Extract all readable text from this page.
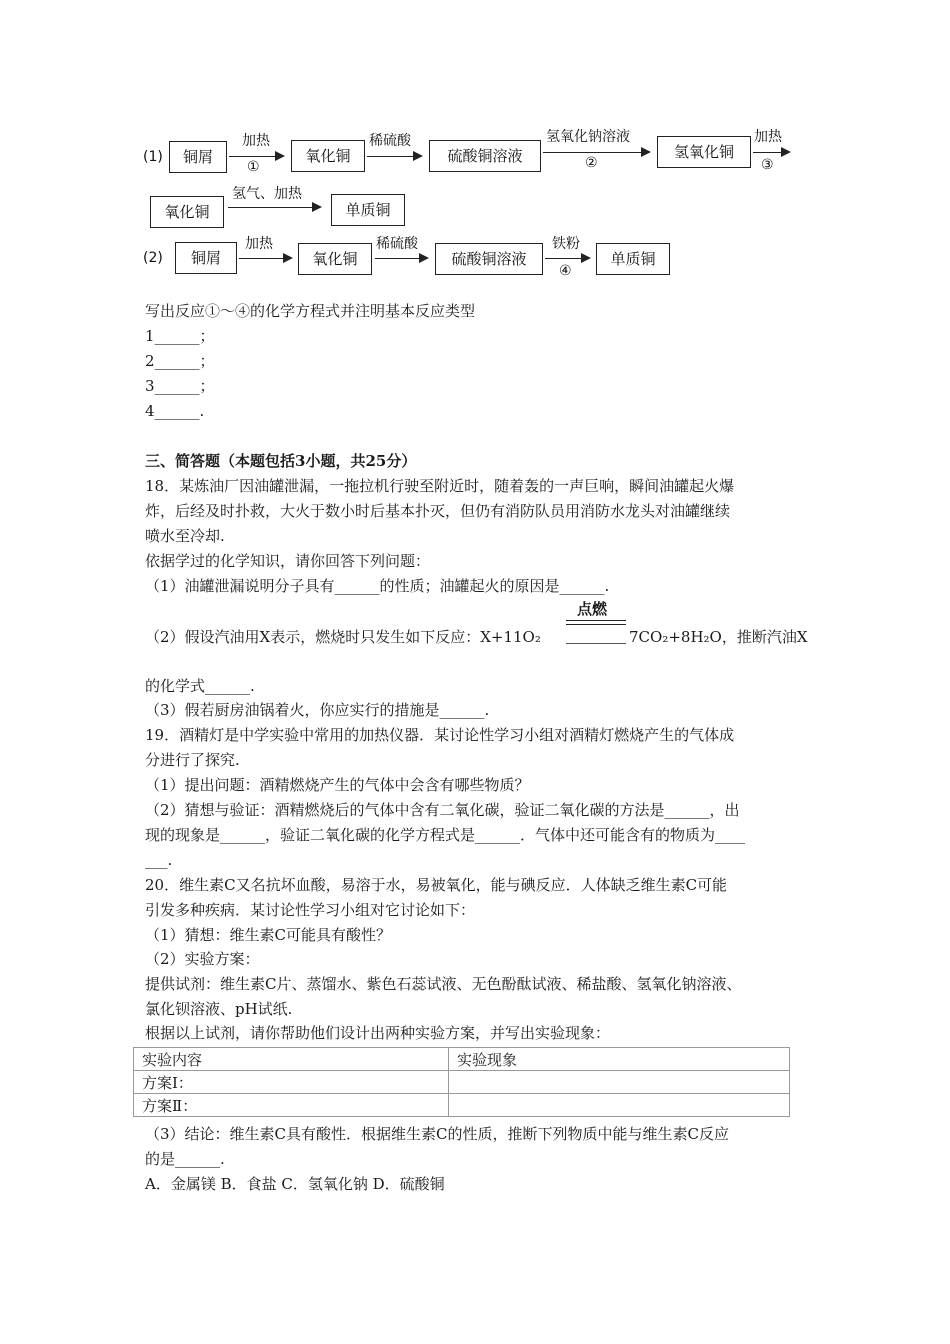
(1)	铜屑
加热
①
氧化铜
稀硫酸
硫酸铜溶液
氢氧化钠溶液
②
氢氧化铜
加热
③
氧化铜
氢气、加热
单质铜
(2)	铜屑
加热
氧化铜
稀硫酸
硫酸铜溶液
铁粉
④
单质铜
写出反应①～④的化学方程式并注明基本反应类型
1______；
2______；
3______；
4______.
三、简答题（本题包括3小题，共25分）
18．某炼油厂因油罐泄漏，一拖拉机行驶至附近时，随着轰的一声巨响，瞬间油罐起火爆
炸，后经及时扑救，大火于数小时后基本扑灭，但仍有消防队员用消防水龙头对油罐继续
喷水至冷却.
依据学过的化学知识，请你回答下列问题：
（1）油罐泄漏说明分子具有______的性质；油罐起火的原因是______.
点燃
（2）假设汽油用X表示，燃烧时只发生如下反应：X+11O₂	7CO₂+8H₂O，推断汽油X
的化学式______.
（3）假若厨房油锅着火，你应实行的措施是______.
19．酒精灯是中学实验中常用的加热仪器．某讨论性学习小组对酒精灯燃烧产生的气体成
分进行了探究.
（1）提出问题：酒精燃烧产生的气体中会含有哪些物质？
（2）猜想与验证：酒精燃烧后的气体中含有二氧化碳，验证二氧化碳的方法是______，出
现的现象是______，验证二氧化碳的化学方程式是______．气体中还可能含有的物质为____
___.
20．维生素C又名抗坏血酸，易溶于水，易被氧化，能与碘反应．人体缺乏维生素C可能
引发多种疾病．某讨论性学习小组对它讨论如下：
（1）猜想：维生素C可能具有酸性？
（2）实验方案：
提供试剂：维生素C片、蒸馏水、紫色石蕊试液、无色酚酞试液、稀盐酸、氢氧化钠溶液、
氯化钡溶液、pH试纸.
根据以上试剂，请你帮助他们设计出两种实验方案，并写出实验现象：
实验内容	实验现象
方案Ⅰ：	
方案Ⅱ：	
（3）结论：维生素C具有酸性．根据维生素C的性质，推断下列物质中能与维生素C反应
的是______.
A．金属镁 B．食盐 C．氢氧化钠 D．硫酸铜
